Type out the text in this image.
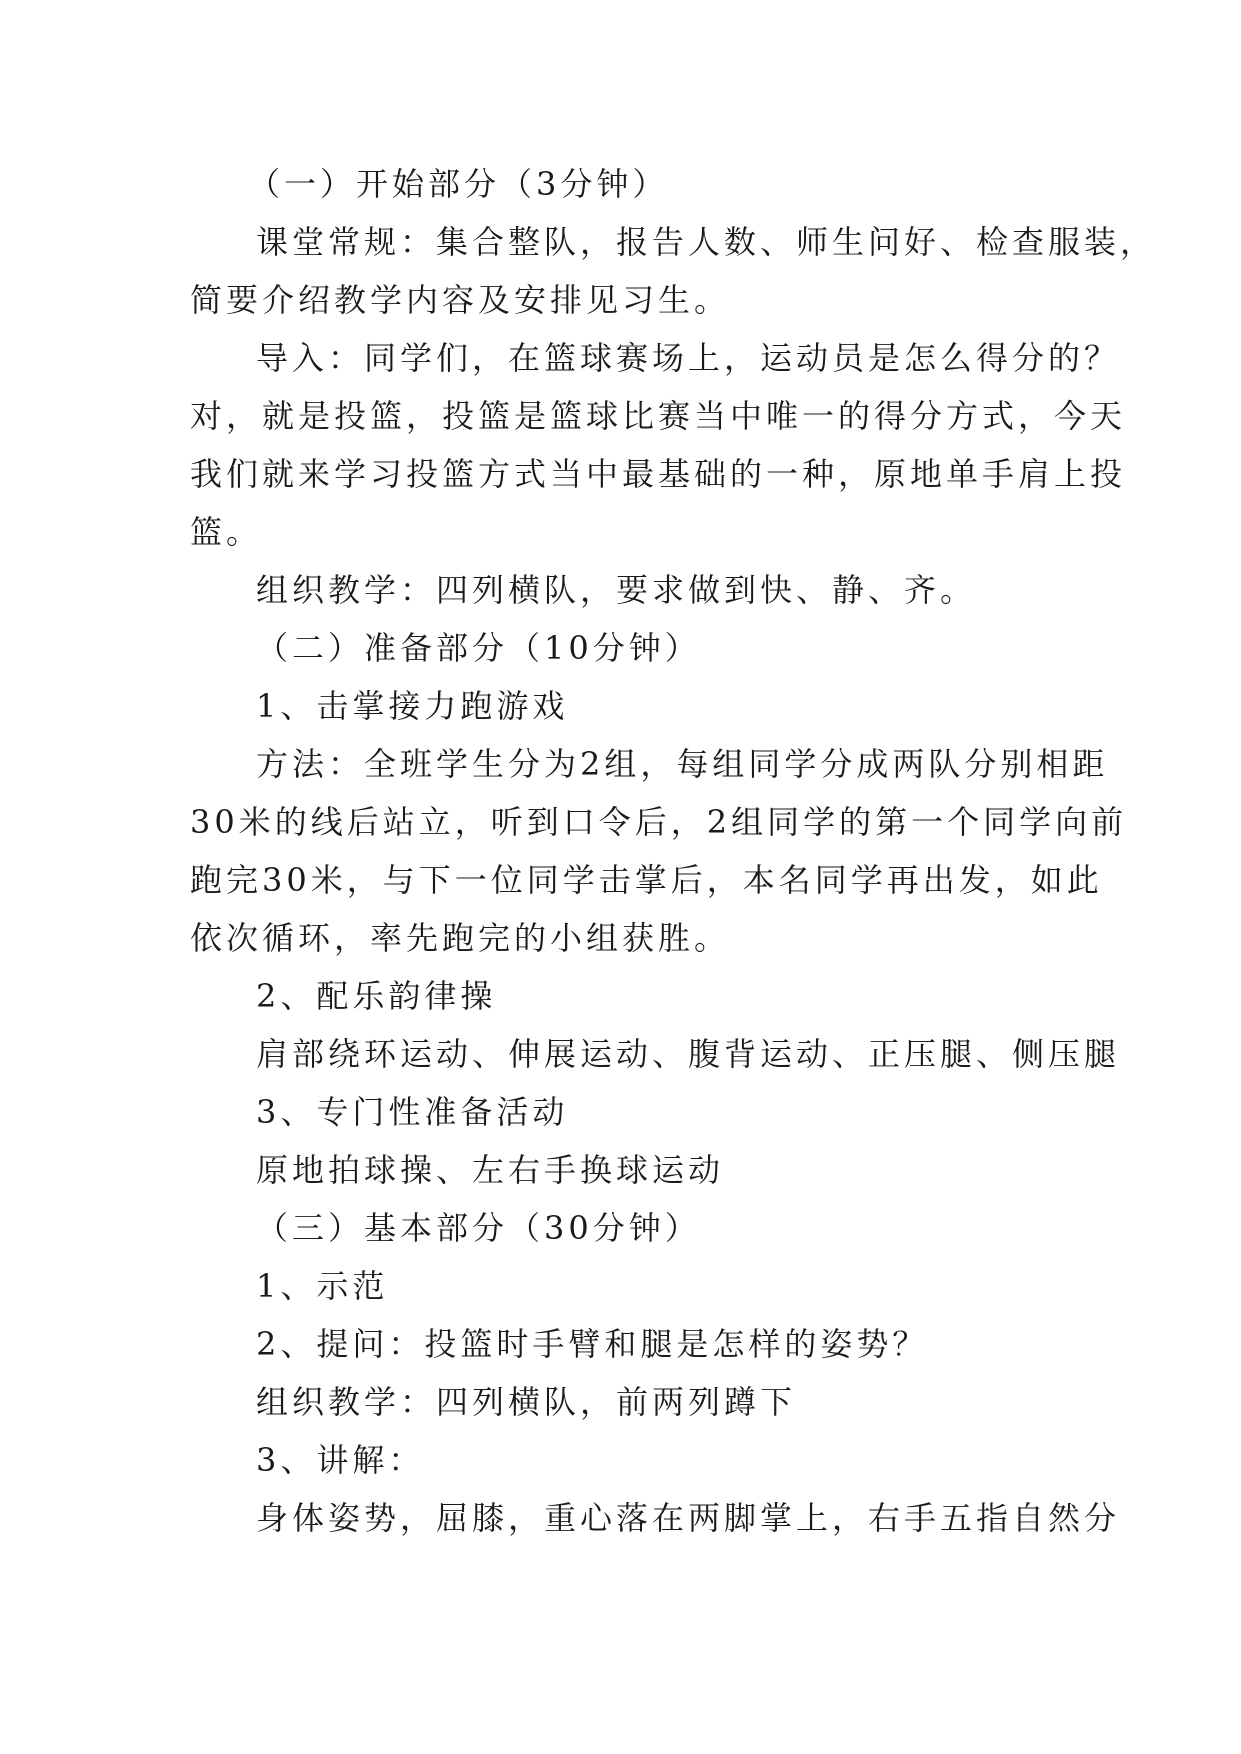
（一）开始部分（3分钟）
课堂常规：集合整队，报告人数、师生问好、检查服装，
简要介绍教学内容及安排见习生。
导入：同学们，在篮球赛场上，运动员是怎么得分的？
对，就是投篮，投篮是篮球比赛当中唯一的得分方式，今天
我们就来学习投篮方式当中最基础的一种，原地单手肩上投
篮。
组织教学：四列横队，要求做到快、静、齐。
（二）准备部分（10分钟）
1、击掌接力跑游戏
方法：全班学生分为2组，每组同学分成两队分别相距
30米的线后站立，听到口令后，2组同学的第一个同学向前
跑完30米，与下一位同学击掌后，本名同学再出发，如此
依次循环，率先跑完的小组获胜。
2、配乐韵律操
肩部绕环运动、伸展运动、腹背运动、正压腿、侧压腿
3、专门性准备活动
原地拍球操、左右手换球运动
（三）基本部分（30分钟）
1、示范
2、提问：投篮时手臂和腿是怎样的姿势？
组织教学：四列横队，前两列蹲下
3、讲解：
身体姿势，屈膝，重心落在两脚掌上，右手五指自然分
